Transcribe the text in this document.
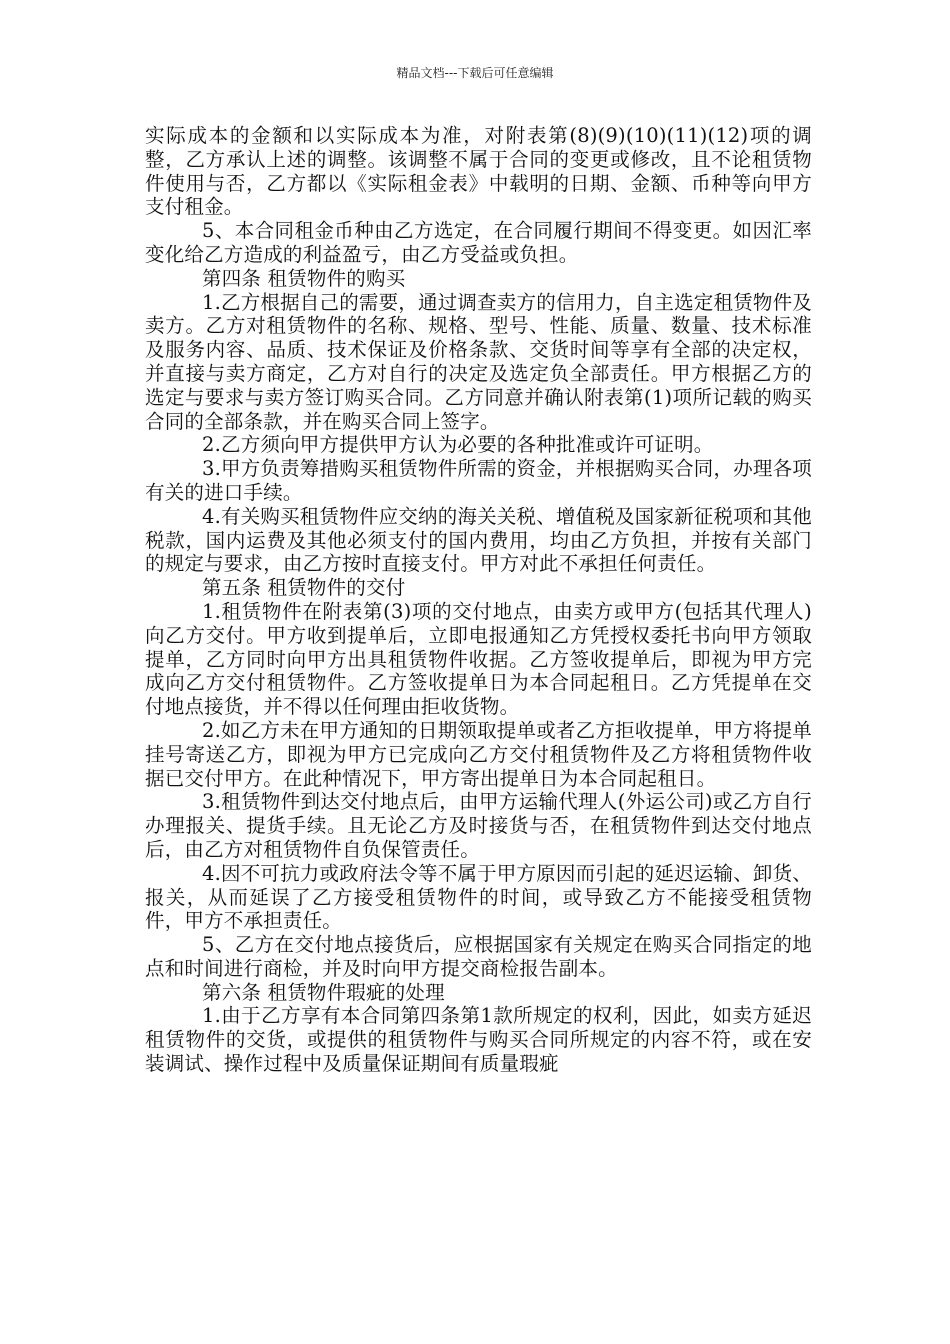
精品文档---下载后可任意编辑

实际成本的金额和以实际成本为准，对附表第(8)(9)(10)(11)(12)项的调整，乙方承认上述的调整。该调整不属于合同的变更或修改，且不论租赁物件使用与否，乙方都以《实际租金表》中载明的日期、金额、币种等向甲方支付租金。

5、本合同租金币种由乙方选定，在合同履行期间不得变更。如因汇率变化给乙方造成的利益盈亏，由乙方受益或负担。

第四条 租赁物件的购买

1.乙方根据自己的需要，通过调查卖方的信用力，自主选定租赁物件及卖方。乙方对租赁物件的名称、规格、型号、性能、质量、数量、技术标准及服务内容、品质、技术保证及价格条款、交货时间等享有全部的决定权，并直接与卖方商定，乙方对自行的决定及选定负全部责任。甲方根据乙方的选定与要求与卖方签订购买合同。乙方同意并确认附表第(1)项所记载的购买合同的全部条款，并在购买合同上签字。

2.乙方须向甲方提供甲方认为必要的各种批准或许可证明。

3.甲方负责筹措购买租赁物件所需的资金，并根据购买合同，办理各项有关的进口手续。

4.有关购买租赁物件应交纳的海关关税、增值税及国家新征税项和其他税款，国内运费及其他必须支付的国内费用，均由乙方负担，并按有关部门的规定与要求，由乙方按时直接支付。甲方对此不承担任何责任。

第五条 租赁物件的交付

1.租赁物件在附表第(3)项的交付地点，由卖方或甲方(包括其代理人)向乙方交付。甲方收到提单后，立即电报通知乙方凭授权委托书向甲方领取提单，乙方同时向甲方出具租赁物件收据。乙方签收提单后，即视为甲方完成向乙方交付租赁物件。乙方签收提单日为本合同起租日。乙方凭提单在交付地点接货，并不得以任何理由拒收货物。

2.如乙方未在甲方通知的日期领取提单或者乙方拒收提单，甲方将提单挂号寄送乙方，即视为甲方已完成向乙方交付租赁物件及乙方将租赁物件收据已交付甲方。在此种情况下，甲方寄出提单日为本合同起租日。

3.租赁物件到达交付地点后，由甲方运输代理人(外运公司)或乙方自行办理报关、提货手续。且无论乙方及时接货与否，在租赁物件到达交付地点后，由乙方对租赁物件自负保管责任。

4.因不可抗力或政府法令等不属于甲方原因而引起的延迟运输、卸货、报关，从而延误了乙方接受租赁物件的时间，或导致乙方不能接受租赁物件，甲方不承担责任。

5、乙方在交付地点接货后，应根据国家有关规定在购买合同指定的地点和时间进行商检，并及时向甲方提交商检报告副本。

第六条 租赁物件瑕疵的处理

1.由于乙方享有本合同第四条第1款所规定的权利，因此，如卖方延迟租赁物件的交货，或提供的租赁物件与购买合同所规定的内容不符，或在安装调试、操作过程中及质量保证期间有质量瑕疵
